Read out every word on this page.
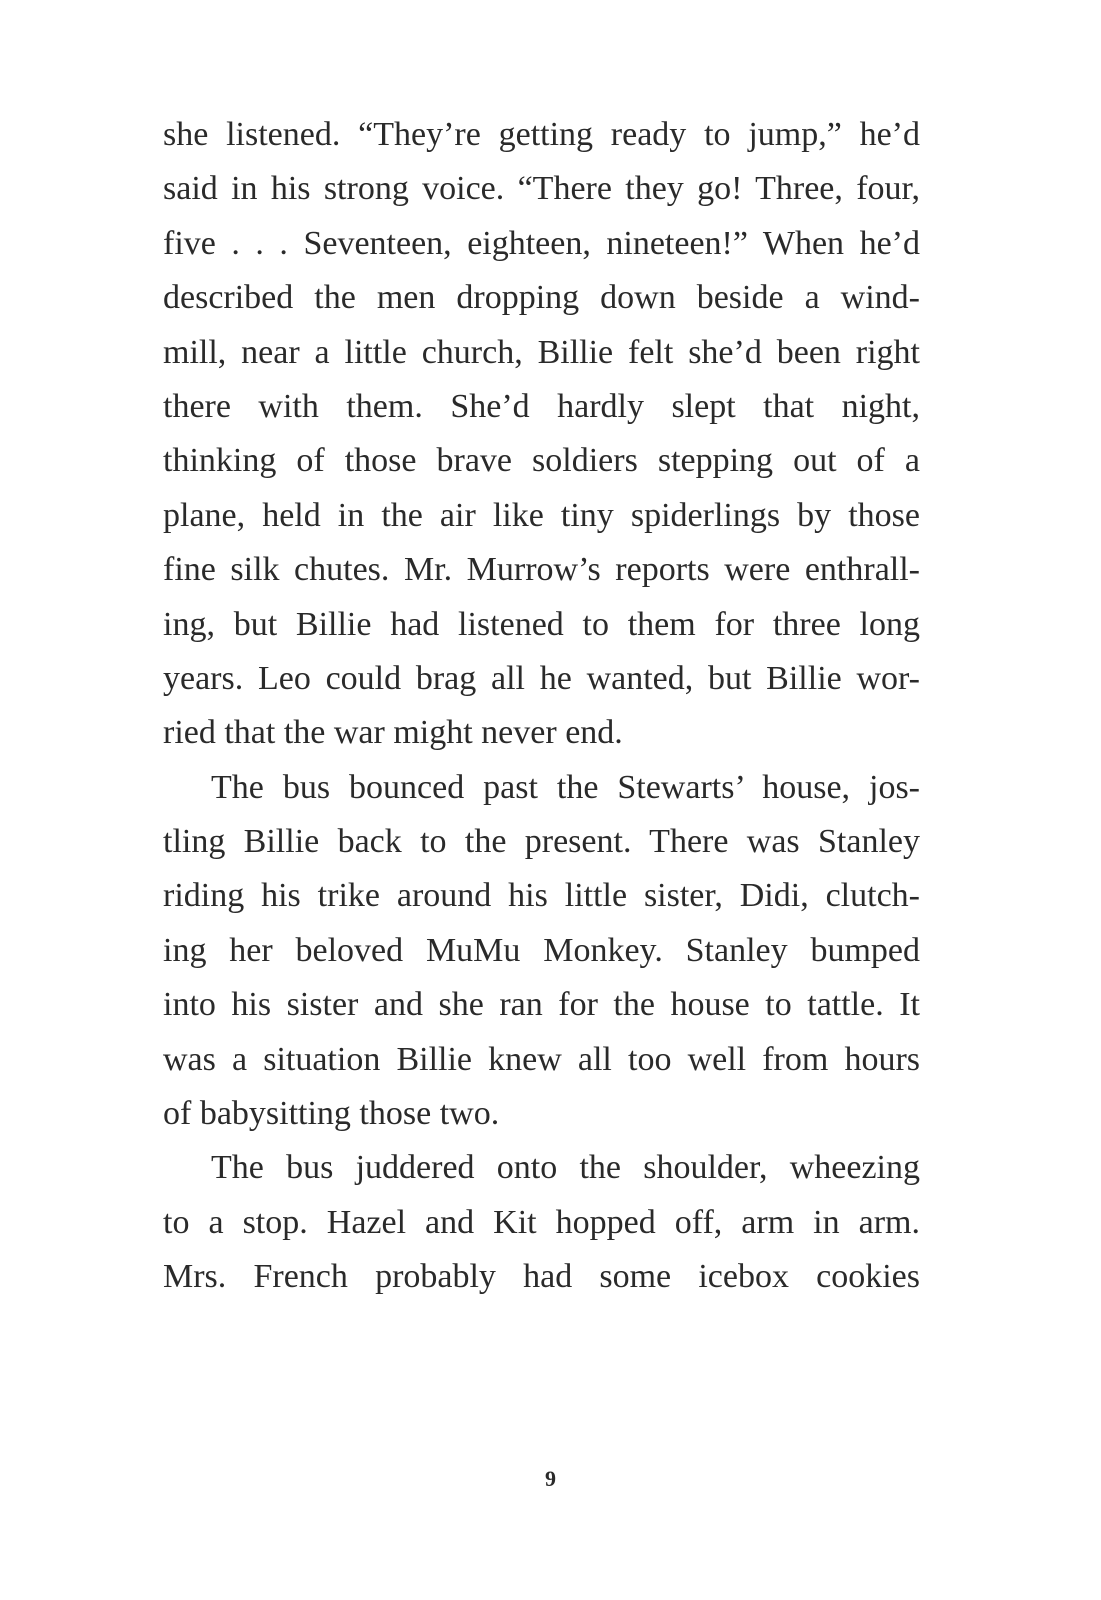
she listened. “They’re getting ready to jump,” he’d
said in his strong voice. “There they go! Three, four,
five . . . Seventeen, eighteen, nineteen!” When he’d
described the men dropping down beside a wind-
mill, near a little church, Billie felt she’d been right
there with them. She’d hardly slept that night,
thinking of those brave soldiers stepping out of a
plane, held in the air like tiny spiderlings by those
fine silk chutes. Mr. Murrow’s reports were enthrall-
ing, but Billie had listened to them for three long
years. Leo could brag all he wanted, but Billie wor-
ried that the war might never end.
The bus bounced past the Stewarts’ house, jos-
tling Billie back to the present. There was Stanley
riding his trike around his little sister, Didi, clutch-
ing her beloved MuMu Monkey. Stanley bumped
into his sister and she ran for the house to tattle. It
was a situation Billie knew all too well from hours
of babysitting those two.
The bus juddered onto the shoulder, wheezing
to a stop. Hazel and Kit hopped off, arm in arm.
Mrs. French probably had some icebox cookies
9
